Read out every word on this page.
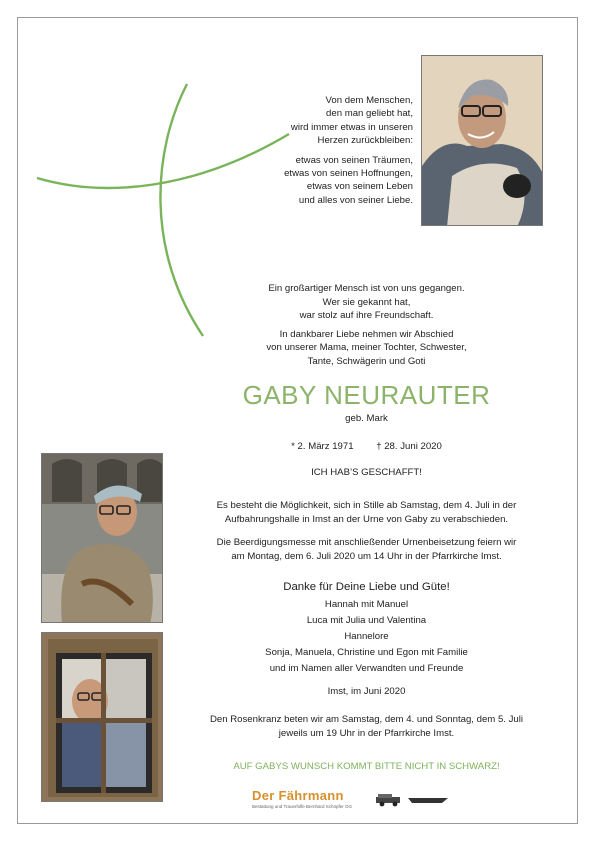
Von dem Menschen,
den man geliebt hat,
wird immer etwas in unseren
Herzen zurückbleiben:

etwas von seinen Träumen,
etwas von seinen Hoffnungen,
etwas von seinem Leben
und alles von seiner Liebe.

Ein großartiger Mensch ist von uns gegangen.
Wer sie gekannt hat,
war stolz auf ihre Freundschaft.
In dankbarer Liebe nehmen wir Abschied
von unserer Mama, meiner Tochter, Schwester,
Tante, Schwägerin und Goti
GABY NEURAUTER
geb. Mark
* 2. März 1971 † 28. Juni 2020
ICH HAB’S GESCHAFFT!
Es besteht die Möglichkeit, sich in Stille ab Samstag, dem 4. Juli in der
Aufbahrungshalle in Imst an der Urne von Gaby zu verabschieden.
Die Beerdigungsmesse mit anschließender Urnenbeisetzung feiern wir
am Montag, dem 6. Juli 2020 um 14 Uhr in der Pfarrkirche Imst.
Danke für Deine Liebe und Güte!
Hannah mit Manuel
Luca mit Julia und Valentina
Hannelore
Sonja, Manuela, Christine und Egon mit Familie
und im Namen aller Verwandten und Freunde
Imst, im Juni 2020
Den Rosenkranz beten wir am Samstag, dem 4. und Sonntag, dem 5. Juli
jeweils um 19 Uhr in der Pfarrkirche Imst.
AUF GABYS WUNSCH KOMMT BITTE NICHT IN SCHWARZ!
Der Fährmann
Bestattung und Trauerhilfe Bernhard Schöpfer OG
